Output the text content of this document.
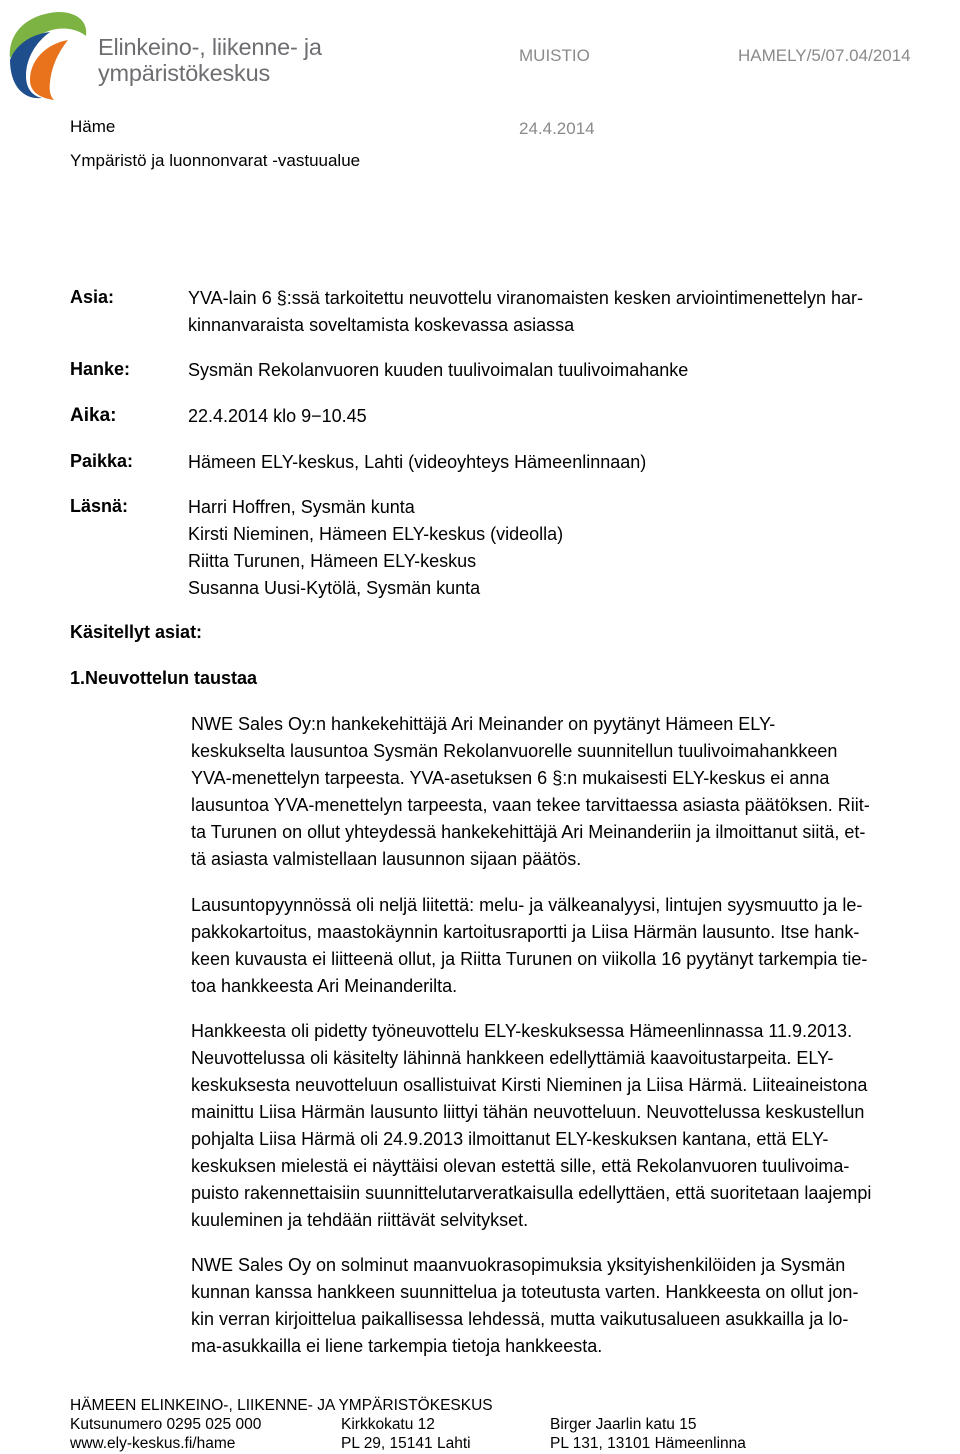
Elinkeino-, liikenne- ja
ympäristökeskus
MUISTIO	HAMELY/5/07.04/2014
Häme	24.4.2014
Ympäristö ja luonnonvarat -vastuualue
Asia:	YVA-lain 6 §:ssä tarkoitettu neuvottelu viranomaisten kesken arviointimenettelyn har-
kinnanvaraista soveltamista koskevassa asiassa
Hanke:	Sysmän Rekolanvuoren kuuden tuulivoimalan tuulivoimahanke
Aika:	22.4.2014 klo 9−10.45
Paikka:	Hämeen ELY-keskus, Lahti (videoyhteys Hämeenlinnaan)
Läsnä:	Harri Hoffren, Sysmän kunta
Kirsti Nieminen, Hämeen ELY-keskus (videolla)
Riitta Turunen, Hämeen ELY-keskus
Susanna Uusi-Kytölä, Sysmän kunta
Käsitellyt asiat:
1.Neuvottelun taustaa

NWE Sales Oy:n hankekehittäjä Ari Meinander on pyytänyt Hämeen ELY-

keskukselta lausuntoa Sysmän Rekolanvuorelle suunnitellun tuulivoimahankkeen

YVA-menettelyn tarpeesta. YVA-asetuksen 6 §:n mukaisesti ELY-keskus ei anna

lausuntoa YVA-menettelyn tarpeesta, vaan tekee tarvittaessa asiasta päätöksen. Riit-

ta Turunen on ollut yhteydessä hankekehittäjä Ari Meinanderiin ja ilmoittanut siitä, et-

tä asiasta valmistellaan lausunnon sijaan päätös.

Lausuntopyynnössä oli neljä liitettä: melu- ja välkeanalyysi, lintujen syysmuutto ja le-

pakkokartoitus, maastokäynnin kartoitusraportti ja Liisa Härmän lausunto. Itse hank-

keen kuvausta ei liitteenä ollut, ja Riitta Turunen on viikolla 16 pyytänyt tarkempia tie-

toa hankkeesta Ari Meinanderilta.

Hankkeesta oli pidetty työneuvottelu ELY-keskuksessa Hämeenlinnassa 11.9.2013.

Neuvottelussa oli käsitelty lähinnä hankkeen edellyttämiä kaavoitustarpeita. ELY-

keskuksesta neuvotteluun osallistuivat Kirsti Nieminen ja Liisa Härmä. Liiteaineistona

mainittu Liisa Härmän lausunto liittyi tähän neuvotteluun. Neuvottelussa keskustellun

pohjalta Liisa Härmä oli 24.9.2013 ilmoittanut ELY-keskuksen kantana, että ELY-

keskuksen mielestä ei näyttäisi olevan estettä sille, että Rekolanvuoren tuulivoima-

puisto rakennettaisiin suunnittelutarveratkaisulla edellyttäen, että suoritetaan laajempi

kuuleminen ja tehdään riittävät selvitykset.

NWE Sales Oy on solminut maanvuokrasopimuksia yksityishenkilöiden ja Sysmän

kunnan kanssa hankkeen suunnittelua ja toteutusta varten. Hankkeesta on ollut jon-

kin verran kirjoittelua paikallisessa lehdessä, mutta vaikutusalueen asukkailla ja lo-

ma-asukkailla ei liene tarkempia tietoja hankkeesta.

HÄMEEN ELINKEINO-, LIIKENNE- JA YMPÄRISTÖKESKUS
Kutsunumero 0295 025 000
www.ely-keskus.fi/hame
Kirkkokatu 12
PL 29, 15141 Lahti
Birger Jaarlin katu 15
PL 131, 13101 Hämeenlinna
